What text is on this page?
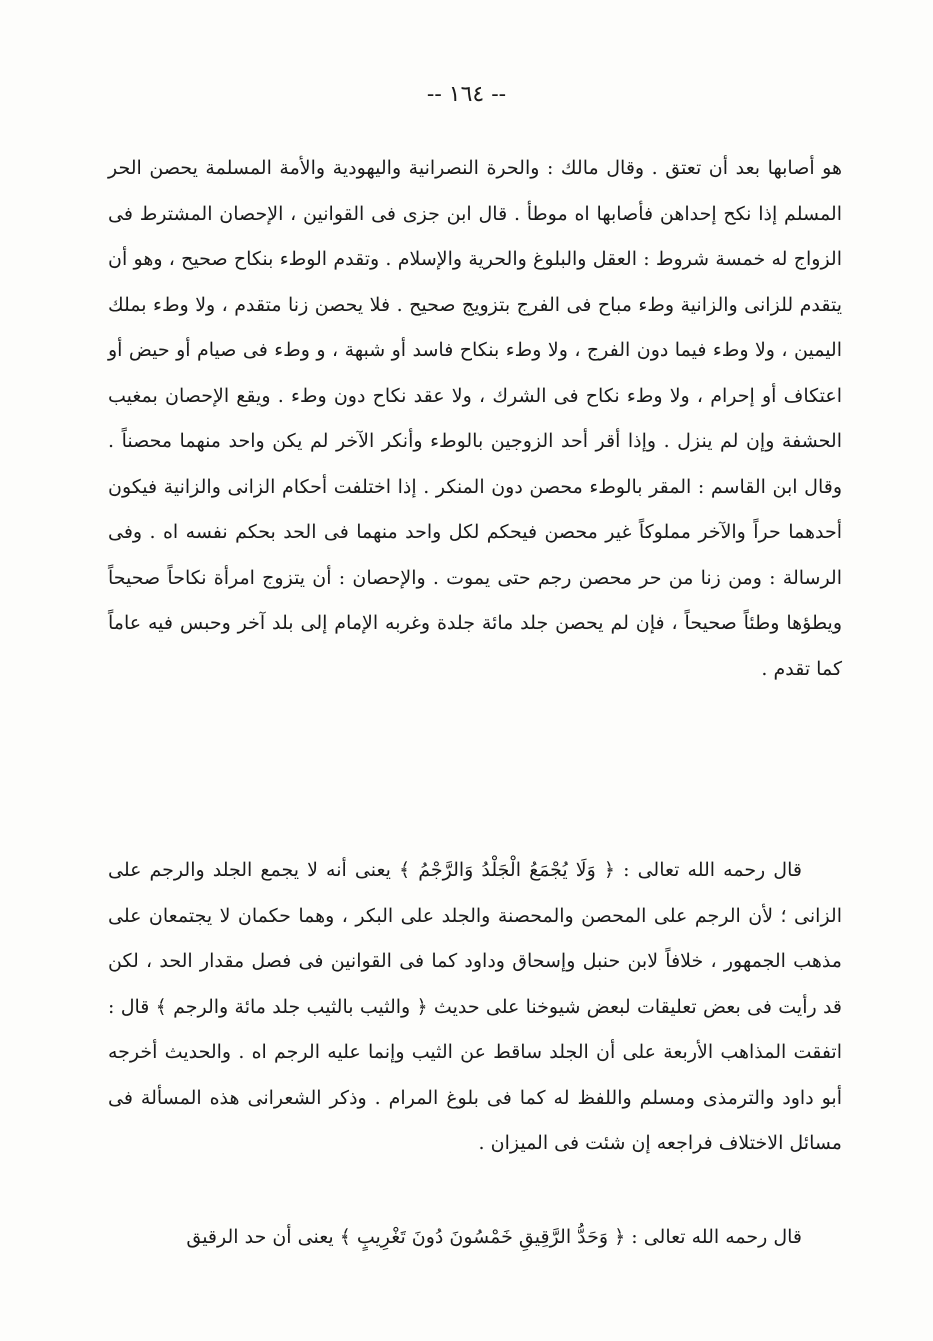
-- ١٦٤ --

هو أصابها بعد أن تعتق . وقال مالك : والحرة النصرانية واليهودية والأمة المسلمة يحصن الحر المسلم إذا نكح إحداهن فأصابها اه موطأ . قال ابن جزى فى القوانين ، الإحصان المشترط فى الزواج له خمسة شروط : العقل والبلوغ والحرية والإسلام . وتقدم الوطء بنكاح صحيح ، وهو أن يتقدم للزانى والزانية وطء مباح فى الفرج بتزويج صحيح . فلا يحصن زنا متقدم ، ولا وطء بملك اليمين ، ولا وطء فيما دون الفرج ، ولا وطء بنكاح فاسد أو شبهة ، و وطء فى صيام أو حيض أو اعتكاف أو إحرام ، ولا وطء نكاح فى الشرك ، ولا عقد نكاح دون وطء . ويقع الإحصان بمغيب الحشفة وإن لم ينزل . وإذا أقر أحد الزوجين بالوطء وأنكر الآخر لم يكن واحد منهما محصناً . وقال ابن القاسم : المقر بالوطء محصن دون المنكر . إذا اختلفت أحكام الزانى والزانية فيكون أحدهما حراً والآخر مملوكاً غير محصن فيحكم لكل واحد منهما فى الحد بحكم نفسه اه . وفى الرسالة : ومن زنا من حر محصن رجم حتى يموت . والإحصان : أن يتزوج امرأة نكاحاً صحيحاً ويطؤها وطئاً صحيحاً ، فإن لم يحصن جلد مائة جلدة وغربه الإمام إلى بلد آخر وحبس فيه عاماً كما تقدم .

قال رحمه الله تعالى : ﴿ وَلَا يُجْمَعُ الْجَلْدُ وَالرَّجْمُ ﴾ يعنى أنه لا يجمع الجلد والرجم على الزانى ؛ لأن الرجم على المحصن والمحصنة والجلد على البكر ، وهما حكمان لا يجتمعان على مذهب الجمهور ، خلافاً لابن حنبل وإسحاق وداود كما فى القوانين فى فصل مقدار الحد ، لكن قد رأيت فى بعض تعليقات لبعض شيوخنا على حديث ﴿ والثيب بالثيب جلد مائة والرجم ﴾ قال : اتفقت المذاهب الأربعة على أن الجلد ساقط عن الثيب وإنما عليه الرجم اه . والحديث أخرجه أبو داود والترمذى ومسلم واللفظ له كما فى بلوغ المرام . وذكر الشعرانى هذه المسألة فى مسائل الاختلاف فراجعه إن شئت فى الميزان .

قال رحمه الله تعالى : ﴿ وَحَدُّ الرَّقِيقِ خَمْسُونَ دُونَ تَغْرِيبٍ ﴾ يعنى أن حد الرقيق
